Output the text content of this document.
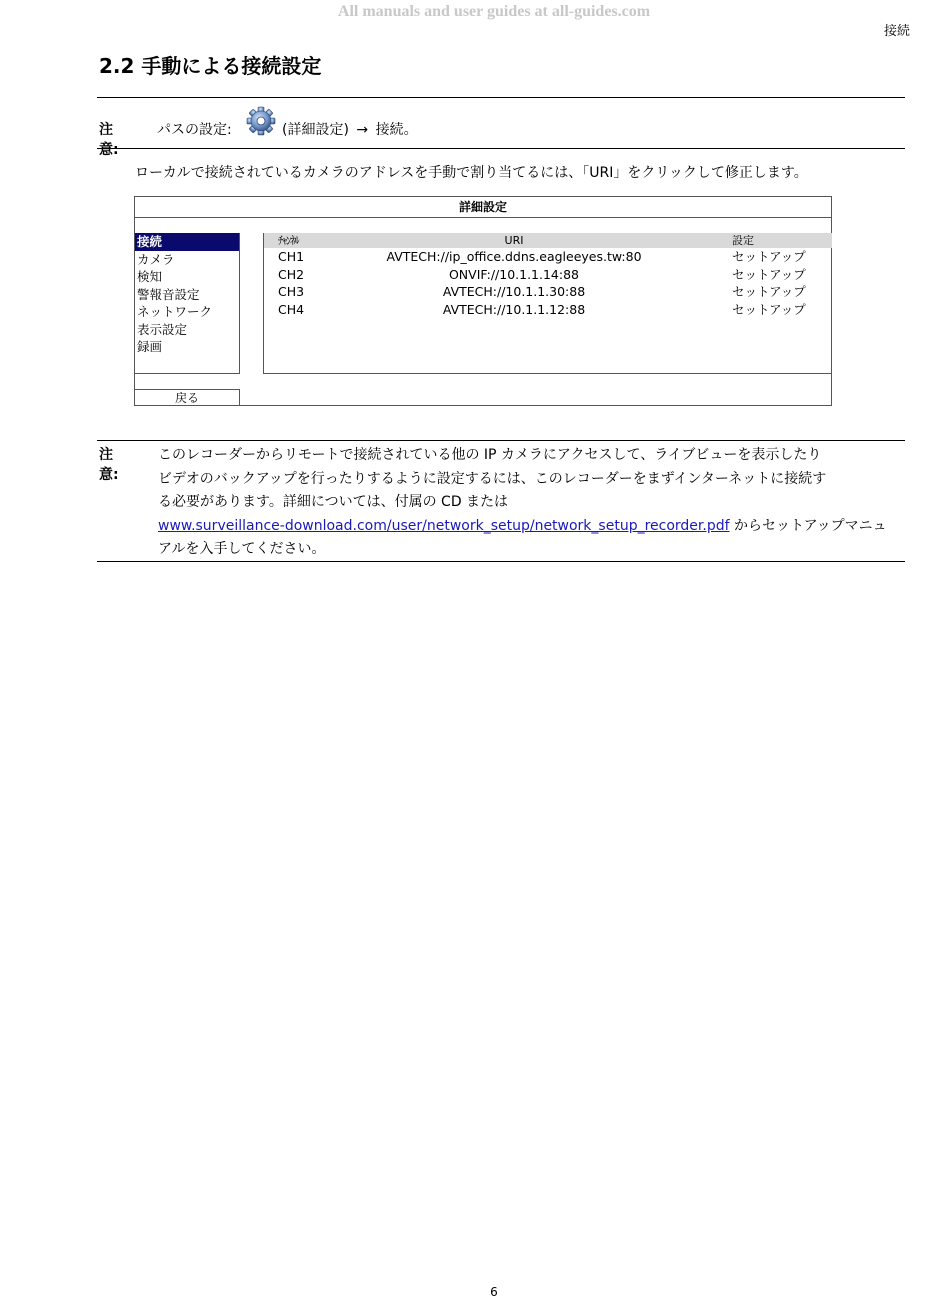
All manuals and user guides at all-guides.com
接続
2.2 手動による接続設定
注意:
パスの設定:	(詳細設定) → 接続。
ローカルで接続されているカメラのアドレスを手動で割り当てるには、「URI」をクリックして修正します。
詳細設定
接続
カメラ
検知
警報音設定
ネットワーク
表示設定
録画
戻る
ﾁｬﾝﾈﾙ	URI	設定
CH1	AVTECH://ip_office.ddns.eagleeyes.tw:80	セットアップ
CH2	ONVIF://10.1.1.14:88	セットアップ
CH3	AVTECH://10.1.1.30:88	セットアップ
CH4	AVTECH://10.1.1.12:88	セットアップ
注意:
このレコーダーからリモートで接続されている他の IP カメラにアクセスして、ライブビューを表示したり
ビデオのバックアップを行ったりするように設定するには、このレコーダーをまずインターネットに接続す
る必要があります。詳細については、付属の CD または
www.surveillance-download.com/user/network_setup/network_setup_recorder.pdf からセットアップマニュ
アルを入手してください。
6
